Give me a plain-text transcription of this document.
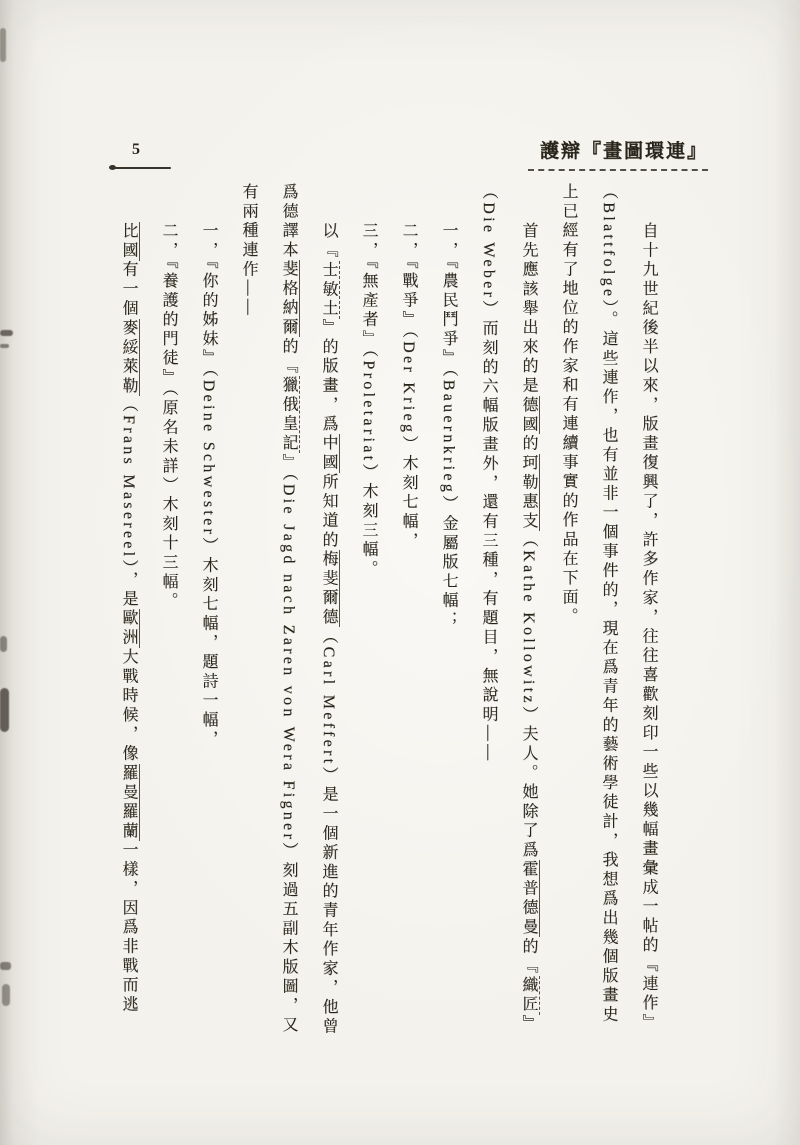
5	護辯『畫圖環連』

自十九世紀後半以來，版畫復興了，許多作家，往往喜歡刻印一些以幾幅畫彙成一帖的『連作』（Blattfolge）。這些連作，也有並非一個事件的，現在爲青年的藝術學徒計，我想爲出幾個版畫史上已經有了地位的作家和有連續事實的作品在下面。

首先應該舉出來的是德國的珂勒惠支（Kathe Kollowitz）夫人。她除了爲霍普德曼的『織匠』（Die Weber）而刻的六幅版畫外，還有三種，有題目，無說明——

一，『農民鬥爭』（Bauernkrieg）金屬版七幅；

二，『戰爭』（Der Krieg）木刻七幅，

三，『無產者』（Proletariat）木刻三幅。

以『士敏土』的版畫，爲中國所知道的梅斐爾德（Carl Meffert）是一個新進的青年作家，他曾爲德譯本斐格納爾的『獵俄皇記』（Die Jagd nach Zaren von Wera Figner）刻過五副木版圖，又有兩種連作——

一，『你的姊妹』（Deine Schwester）木刻七幅，題詩一幅，

二，『養護的門徒』（原名未詳）木刻十三幅。

比國有一個麥綏萊勒（Frans Masereel），是歐洲大戰時候，像羅曼羅蘭一樣，因爲非戰而逃
